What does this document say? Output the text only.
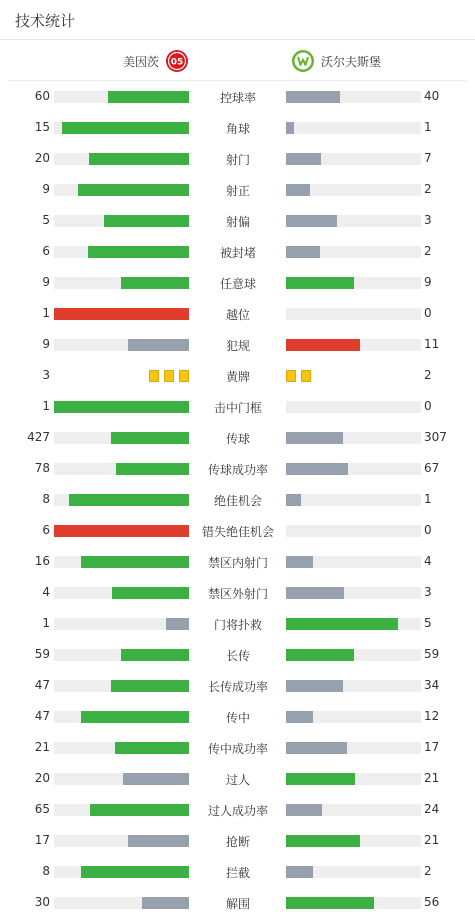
技术统计
美因茨 05	沃尔夫斯堡
60	控球率	40
15	角球	1
20	射门	7
9	射正	2
5	射偏	3
6	被封堵	2
9	任意球	9
1	越位	0
9	犯规	11
3	黄牌	2
1	击中门框	0
427	传球	307
78	传球成功率	67
8	绝佳机会	1
6	错失绝佳机会	0
16	禁区内射门	4
4	禁区外射门	3
1	门将扑救	5
59	长传	59
47	长传成功率	34
47	传中	12
21	传中成功率	17
20	过人	21
65	过人成功率	24
17	抢断	21
8	拦截	2
30	解围	56
